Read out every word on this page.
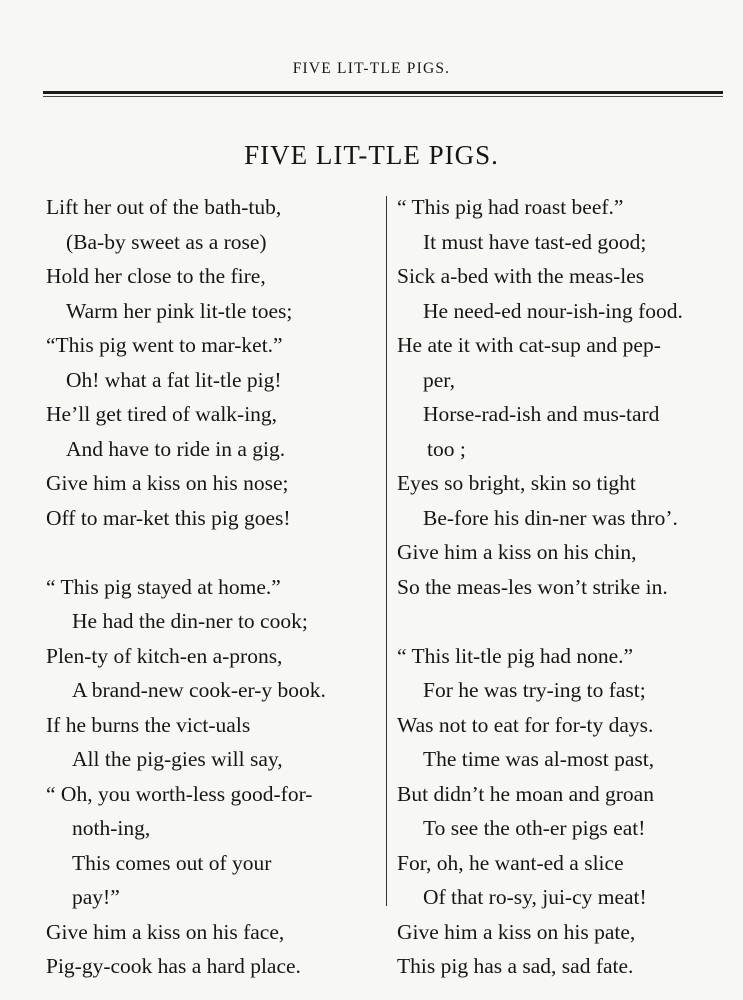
FIVE LIT-TLE PIGS.
FIVE LIT-TLE PIGS.
Lift her out of the bath-tub,
(Ba-by sweet as a rose)
Hold her close to the fire,
Warm her pink lit-tle toes;
“This pig went to mar-ket.”
Oh! what a fat lit-tle pig!
He’ll get tired of walk-ing,
And have to ride in a gig.
Give him a kiss on his nose;
Off to mar-ket this pig goes!
“ This pig stayed at home.”
He had the din-ner to cook;
Plen-ty of kitch-en a-prons,
A brand-new cook-er-y book.
If he burns the vict-uals
All the pig-gies will say,
“ Oh, you worth-less good-for-
noth-ing,
This comes out of your
pay!”
Give him a kiss on his face,
Pig-gy-cook has a hard place.
“ This pig had roast beef.”
It must have tast-ed good;
Sick a-bed with the meas-les
He need-ed nour-ish-ing food.
He ate it with cat-sup and pep-
per,
Horse-rad-ish and mus-tard
too ;
Eyes so bright, skin so tight
Be-fore his din-ner was thro’.
Give him a kiss on his chin,
So the meas-les won’t strike in.
“ This lit-tle pig had none.”
For he was try-ing to fast;
Was not to eat for for-ty days.
The time was al-most past,
But didn’t he moan and groan
To see the oth-er pigs eat!
For, oh, he want-ed a slice
Of that ro-sy, jui-cy meat!
Give him a kiss on his pate,
This pig has a sad, sad fate.
